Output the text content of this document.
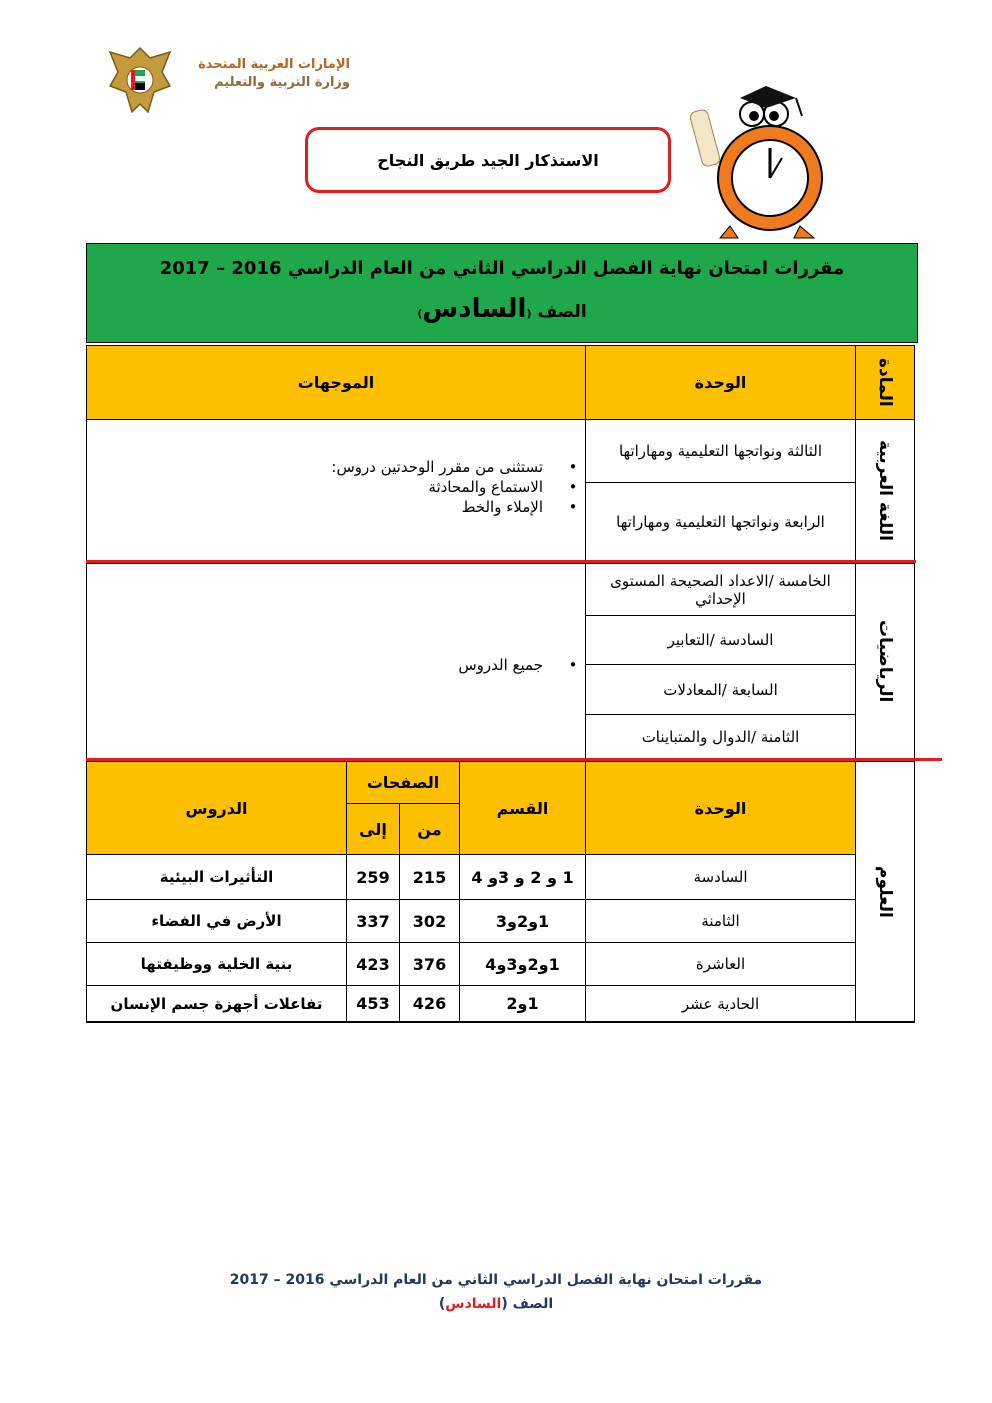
الإمارات العربية المتحدة
وزارة التربية والتعليم
الاستذكار الجيد طريق النجاح
مقررات امتحان نهاية الفصل الدراسي الثاني من العام الدراسي 2016 – 2017
الصف (السادس)
المادة
الوحدة
الموجهات
اللغة العربية
الثالثة ونواتجها التعليمية ومهاراتها
الرابعة ونواتجها التعليمية ومهاراتها
• تستثنى من مقرر الوحدتين دروس:
• الاستماع والمحادثة
• الإملاء والخط
الرياضيات
الخامسة /الاعداد الصحيحة المستوى الإحداثي
السادسة /التعابير
السابعة /المعادلات
الثامنة /الدوال والمتباينات
• جميع الدروس
العلوم
الوحدة
القسم
الصفحات
من
إلى
الدروس
السادسة
1 و 2 و 3و 4
215
259
التأثيرات البيئية
الثامنة
1و2و3
302
337
الأرض في الفضاء
العاشرة
1و2و3و4
376
423
بنية الخلية ووظيفتها
الحادية عشر
1و2
426
453
تفاعلات أجهزة جسم الإنسان
مقررات امتحان نهاية الفصل الدراسي الثاني من العام الدراسي 2016 – 2017
الصف (السادس)
